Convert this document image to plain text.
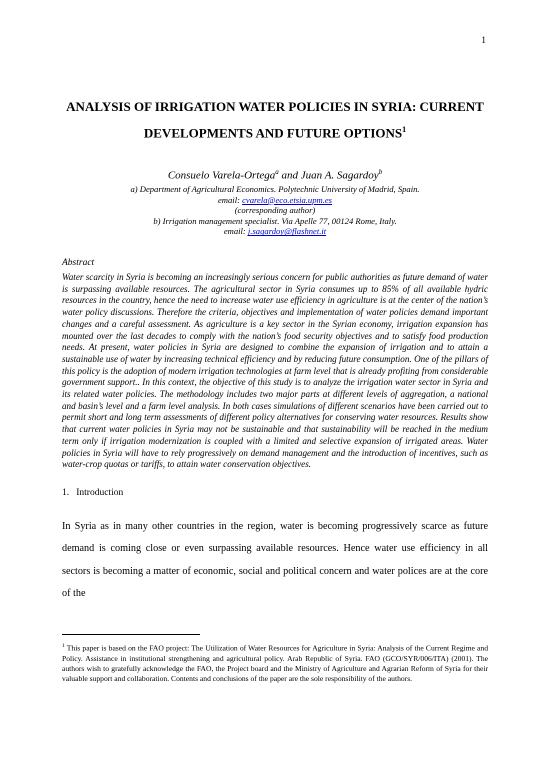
1
ANALYSIS OF IRRIGATION WATER POLICIES IN SYRIA: CURRENT
DEVELOPMENTS AND FUTURE OPTIONS$^1$
Consuelo Varela-Ortega$^a$ and Juan A. Sagardoy$^b$
a) Department of Agricultural Economics. Polytechnic University of Madrid, Spain.
email: cvarela@eco.etsia.upm.es
(corresponding author)
b) Irrigation management specialist. Via Apelle 77, 00124 Rome, Italy.
email: j.sagardoy@flashnet.it
Abstract
Water scarcity in Syria is becoming an increasingly serious concern for public authorities as future demand of water is surpassing available resources. The agricultural sector in Syria consumes up to 85% of all available hydric resources in the country, hence the need to increase water use efficiency in agriculture is at the center of the nation’s water policy discussions. Therefore the criteria, objectives and implementation of water policies demand important changes and a careful assessment. As agriculture is a key sector in the Syrian economy, irrigation expansion has mounted over the last decades to comply with the nation’s food security objectives and to satisfy food production needs. At present, water policies in Syria are designed to combine the expansion of irrigation and to attain a sustainable use of water by increasing technical efficiency and by reducing future consumption. One of the pillars of this policy is the adoption of modern irrigation technologies at farm level that is already profiting from considerable government support.. In this context, the objective of this study is to analyze the irrigation water sector in Syria and its related water policies. The methodology includes two major parts at different levels of aggregation, a national and basin’s level and a farm level analysis. In both cases simulations of different scenarios have been carried out to permit short and long term assessments of different policy alternatives for conserving water resources. Results show that current water policies in Syria may not be sustainable and that sustainability will be reached in the medium term only if irrigation modernization is coupled with a limited and selective expansion of irrigated areas. Water policies in Syria will have to rely progressively on demand management and the introduction of incentives, such as water-crop quotas or tariffs, to attain water conservation objectives.
1.   Introduction
In Syria as in many other countries in the region, water is becoming progressively scarce as future demand is coming close or even surpassing available resources. Hence water use efficiency in all sectors is becoming a matter of economic, social and political concern and water polices are at the core of the
$^1$ This paper is based on the FAO project: The Utilization of Water Resources for Agriculture in Syria: Analysis of the Current Regime and Policy. Assistance in institutional strengthening and agricultural policy. Arab Republic of Syria. FAO (GCO/SYR/006/ITA) (2001). The authors wish to gratefully acknowledge the FAO, the Project board and the Ministry of Agriculture and Agrarian Reform of Syria for their valuable support and collaboration. Contents and conclusions of the paper are the sole responsibility of the authors.
